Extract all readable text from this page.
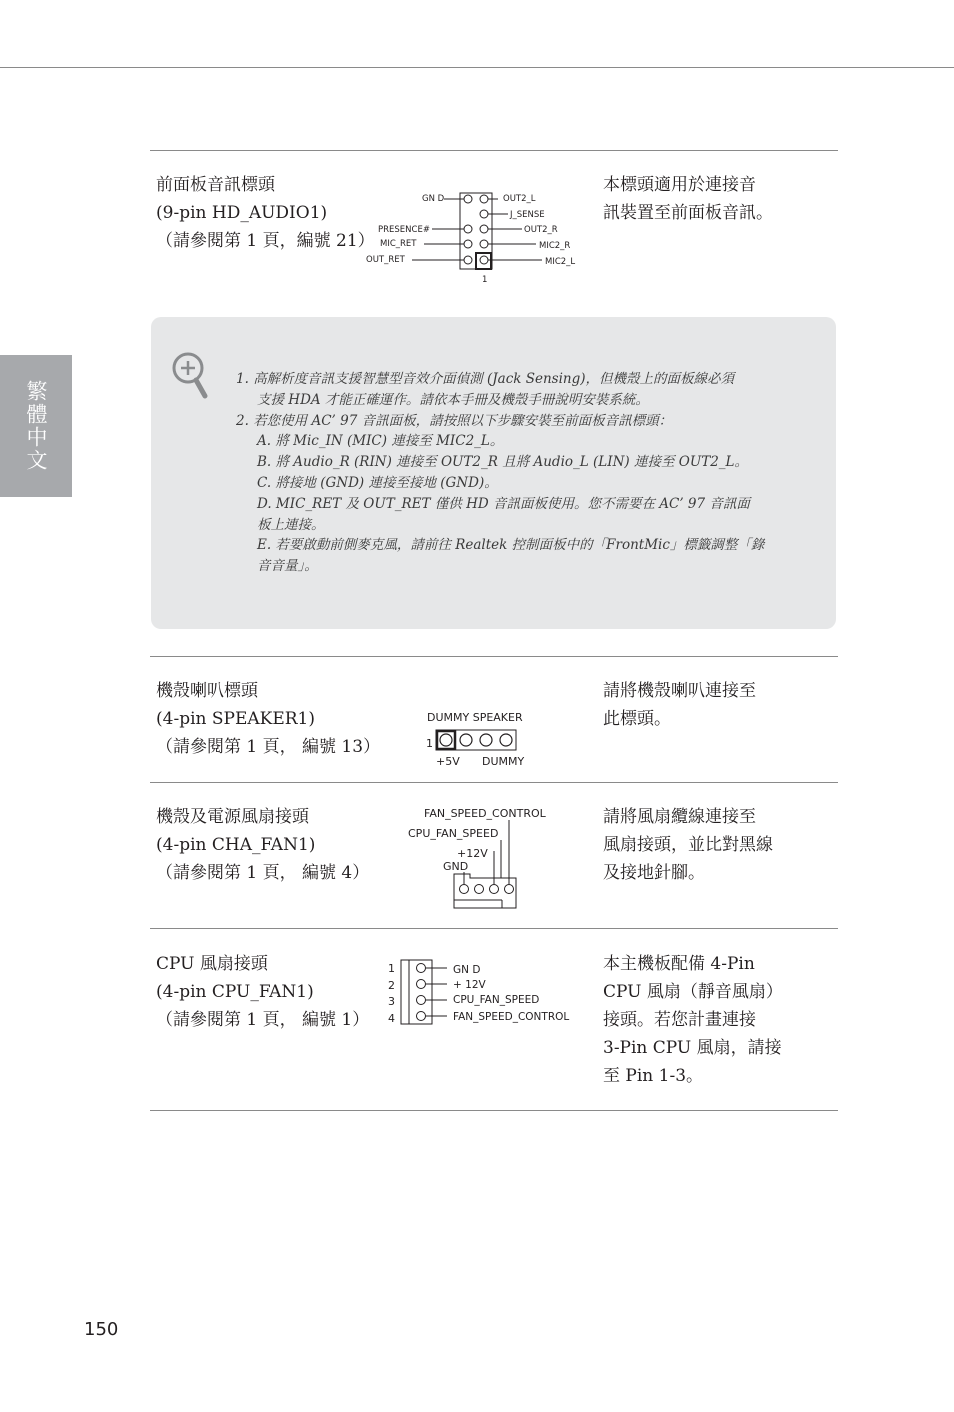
繁體中文
前面板音訊標頭
(9-pin HD_AUDIO1)
（請參閱第 1 頁，編號 21）
本標頭適用於連接音
訊裝置至前面板音訊。
GN D
PRESENCE#
MIC_RET
OUT_RET
OUT2_L
J_SENSE
OUT2_R
MIC2_R
MIC2_L
1
1. 高解析度音訊支援智慧型音效介面偵測 (Jack Sensing)，但機殼上的面板線必須
支援 HDA 才能正確運作。請依本手冊及機殼手冊說明安裝系統。
2. 若您使用 AC’ 97 音訊面板，請按照以下步驟安裝至前面板音訊標頭：
A. 將 Mic_IN (MIC) 連接至 MIC2_L。
B. 將 Audio_R (RIN) 連接至 OUT2_R 且將 Audio_L (LIN) 連接至 OUT2_L。
C. 將接地 (GND) 連接至接地 (GND)。
D. MIC_RET 及 OUT_RET 僅供 HD 音訊面板使用。您不需要在 AC’ 97 音訊面
板上連接。
E. 若要啟動前側麥克風，請前往 Realtek 控制面板中的「FrontMic」標籤調整「錄
音音量」。
機殼喇叭標頭
(4-pin SPEAKER1)
（請參閱第 1 頁， 編號 13）
請將機殼喇叭連接至
此標頭。
DUMMY SPEAKER
1
+5V DUMMY
機殼及電源風扇接頭
(4-pin CHA_FAN1)
（請參閱第 1 頁， 編號 4）
請將風扇纜線連接至
風扇接頭，並比對黑線
及接地針腳。
FAN_SPEED_CONTROL
CPU_FAN_SPEED
+12V
GND
CPU 風扇接頭
(4-pin CPU_FAN1)
（請參閱第 1 頁， 編號 1）
本主機板配備 4-Pin
CPU 風扇（靜音風扇）
接頭。若您計畫連接
3-Pin CPU 風扇，請接
至 Pin 1-3。
1
2
3
4
GN D
+ 12V
CPU_FAN_SPEED
FAN_SPEED_CONTROL
150
